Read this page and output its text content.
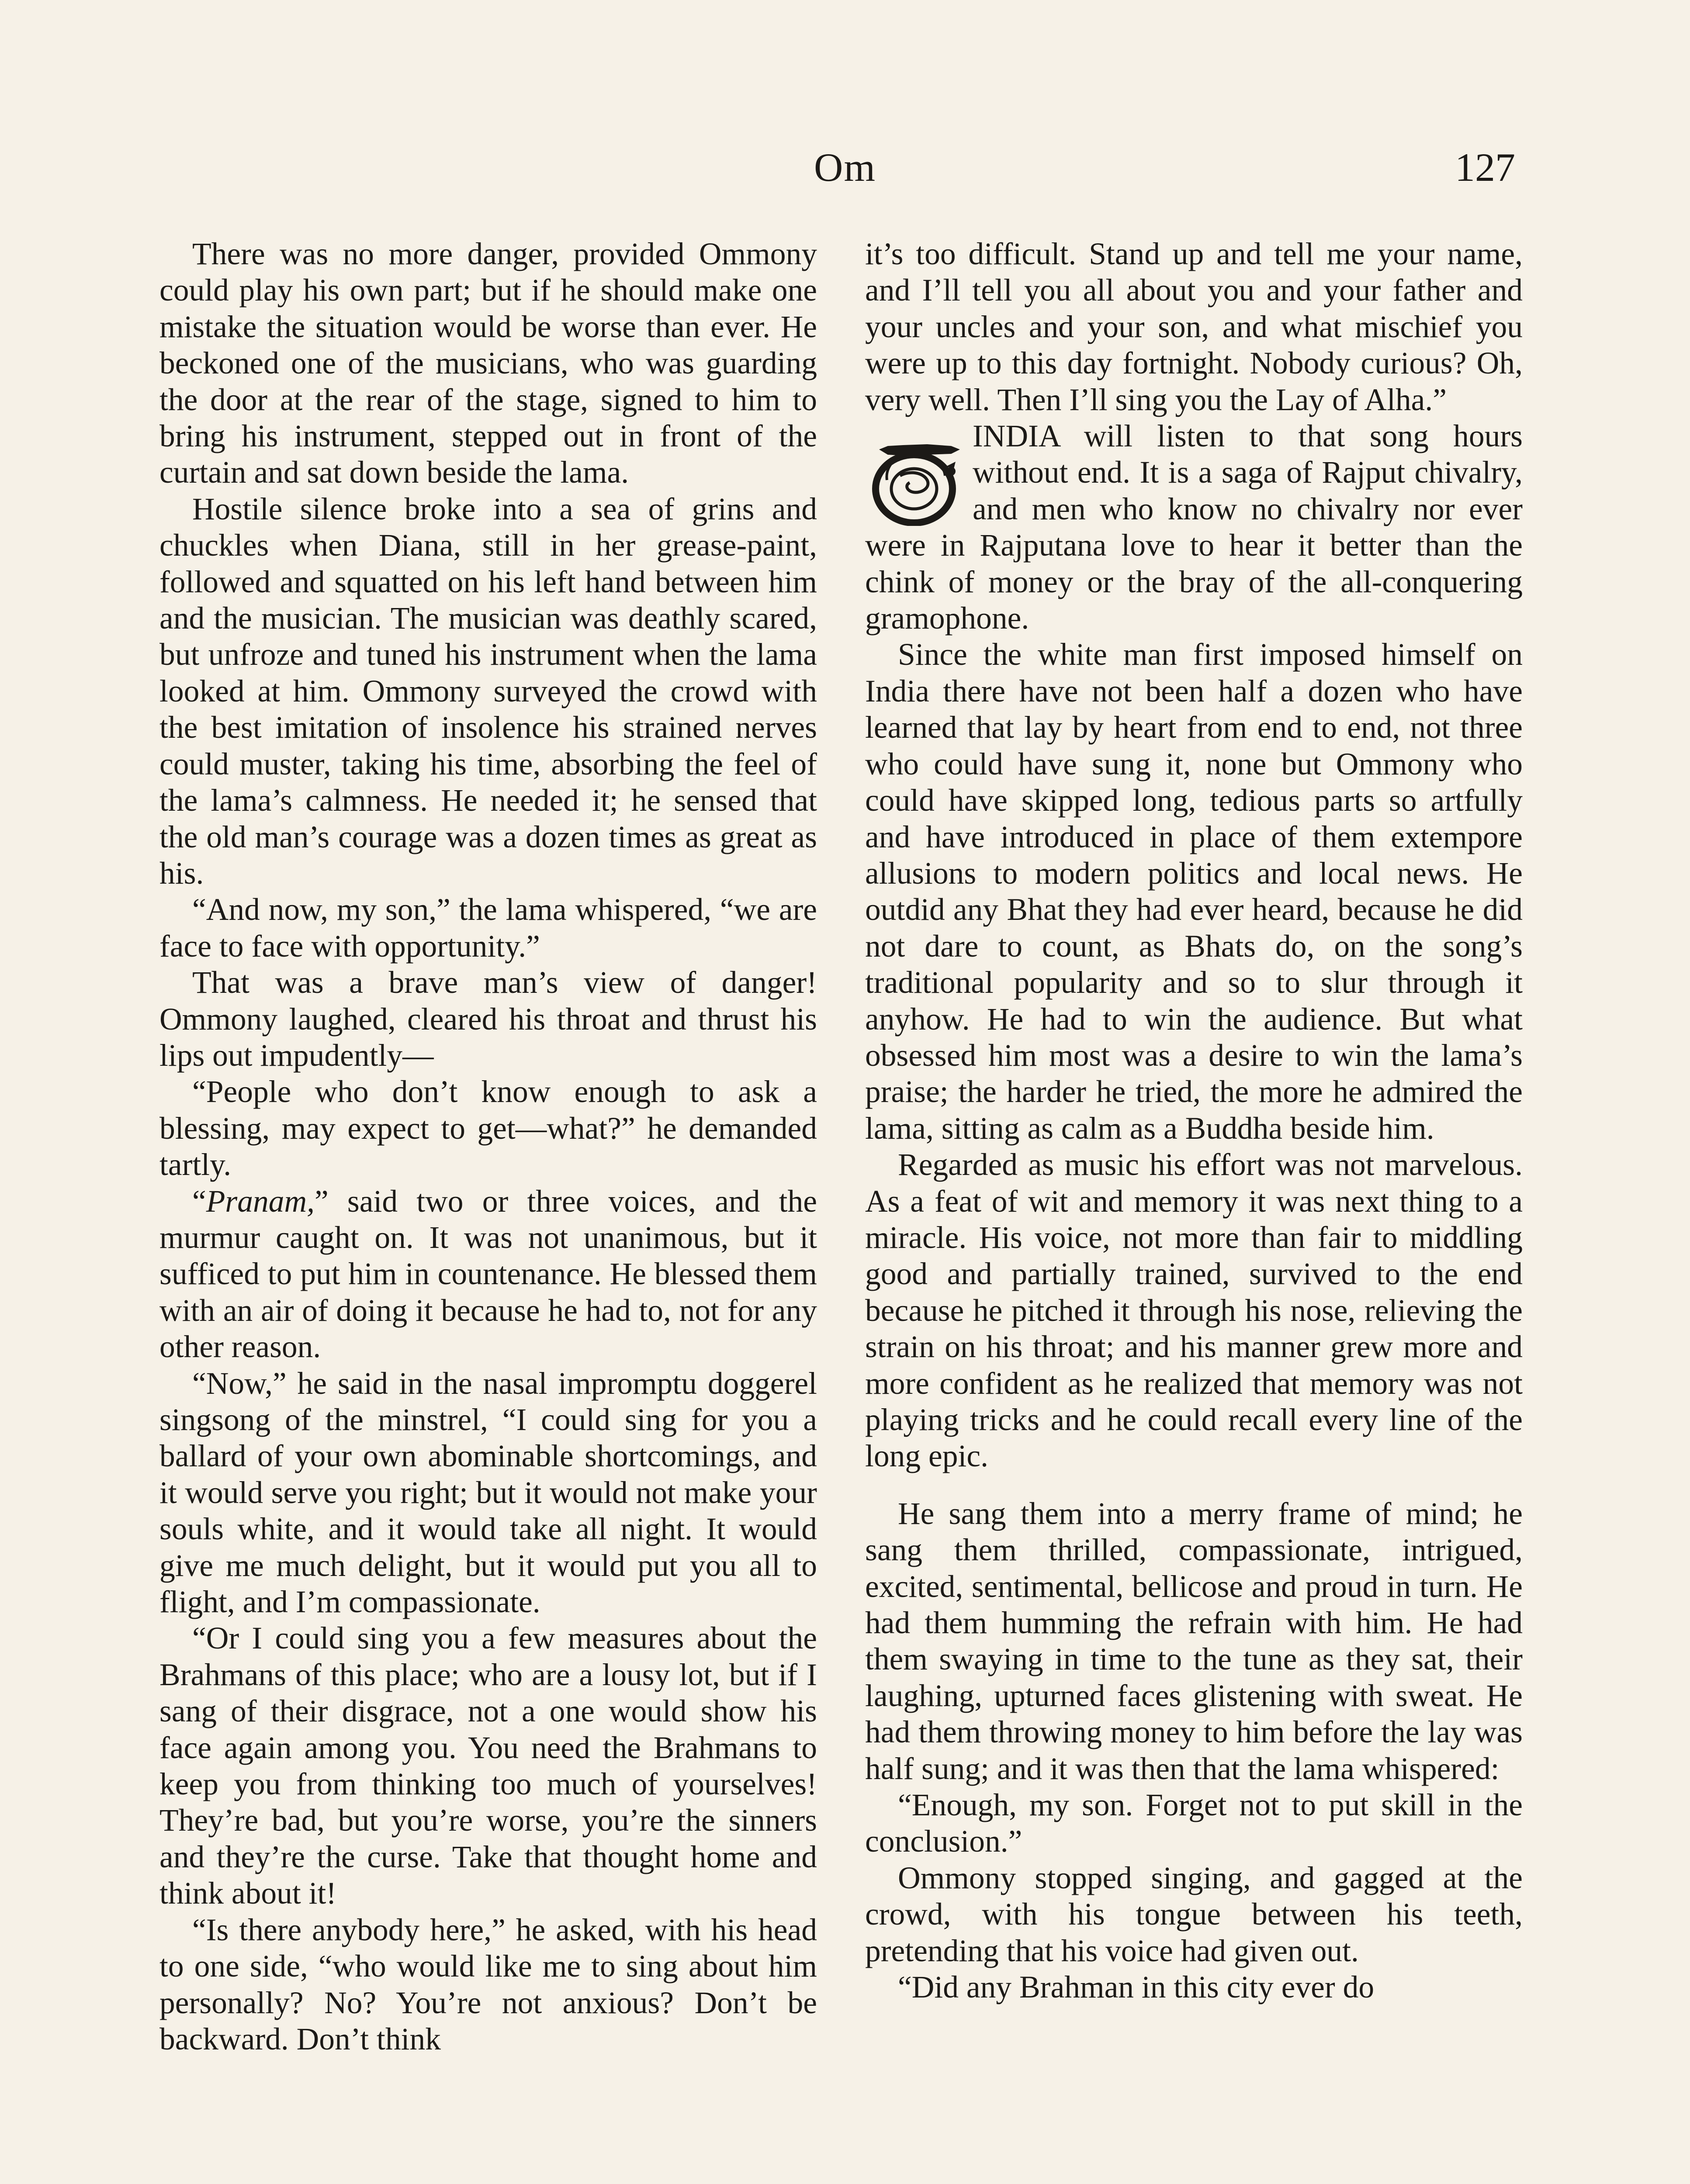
Om	127

There was no more danger, provided Ommony could play his own part; but if he should make one mistake the situation would be worse than ever. He beckoned one of the musicians, who was guarding the door at the rear of the stage, signed to him to bring his instrument, stepped out in front of the curtain and sat down beside the lama.

Hostile silence broke into a sea of grins and chuckles when Diana, still in her grease-paint, followed and squatted on his left hand between him and the musician. The musician was deathly scared, but unfroze and tuned his instrument when the lama looked at him. Ommony surveyed the crowd with the best imitation of insolence his strained nerves could muster, taking his time, absorbing the feel of the lama’s calmness. He needed it; he sensed that the old man’s courage was a dozen times as great as his.

“And now, my son,” the lama whispered, “we are face to face with opportunity.”

That was a brave man’s view of danger! Ommony laughed, cleared his throat and thrust his lips out impudently—

“People who don’t know enough to ask a blessing, may expect to get—what?” he demanded tartly.

“Pranam,” said two or three voices, and the murmur caught on. It was not unanimous, but it sufficed to put him in countenance. He blessed them with an air of doing it because he had to, not for any other reason.

“Now,” he said in the nasal impromptu doggerel singsong of the minstrel, “I could sing for you a ballard of your own abominable shortcomings, and it would serve you right; but it would not make your souls white, and it would take all night. It would give me much delight, but it would put you all to flight, and I’m compassionate.

“Or I could sing you a few measures about the Brahmans of this place; who are a lousy lot, but if I sang of their disgrace, not a one would show his face again among you. You need the Brahmans to keep you from thinking too much of yourselves! They’re bad, but you’re worse, you’re the sinners and they’re the curse. Take that thought home and think about it!

“Is there anybody here,” he asked, with his head to one side, “who would like me to sing about him personally? No? You’re not anxious? Don’t be backward. Don’t think

it’s too difficult. Stand up and tell me your name, and I’ll tell you all about you and your father and your uncles and your son, and what mischief you were up to this day fortnight. Nobody curious? Oh, very well. Then I’ll sing you the Lay of Alha.”

O	INDIA will listen to that song hours without end. It is a saga of Rajput chivalry, and men who know no chivalry nor ever were in Rajputana love to hear it better than the chink of money or the bray of the all-conquering gramophone.

Since the white man first imposed himself on India there have not been half a dozen who have learned that lay by heart from end to end, not three who could have sung it, none but Ommony who could have skipped long, tedious parts so artfully and have introduced in place of them extempore allusions to modern politics and local news. He outdid any Bhat they had ever heard, because he did not dare to count, as Bhats do, on the song’s traditional popularity and so to slur through it anyhow. He had to win the audience. But what obsessed him most was a desire to win the lama’s praise; the harder he tried, the more he admired the lama, sitting as calm as a Buddha beside him.

Regarded as music his effort was not marvelous. As a feat of wit and memory it was next thing to a miracle. His voice, not more than fair to middling good and partially trained, survived to the end because he pitched it through his nose, relieving the strain on his throat; and his manner grew more and more confident as he realized that memory was not playing tricks and he could recall every line of the long epic.

He sang them into a merry frame of mind; he sang them thrilled, compassionate, intrigued, excited, sentimental, bellicose and proud in turn. He had them humming the refrain with him. He had them swaying in time to the tune as they sat, their laughing, upturned faces glistening with sweat. He had them throwing money to him before the lay was half sung; and it was then that the lama whispered:

“Enough, my son. Forget not to put skill in the conclusion.”

Ommony stopped singing, and gagged at the crowd, with his tongue between his teeth, pretending that his voice had given out.

“Did any Brahman in this city ever do
